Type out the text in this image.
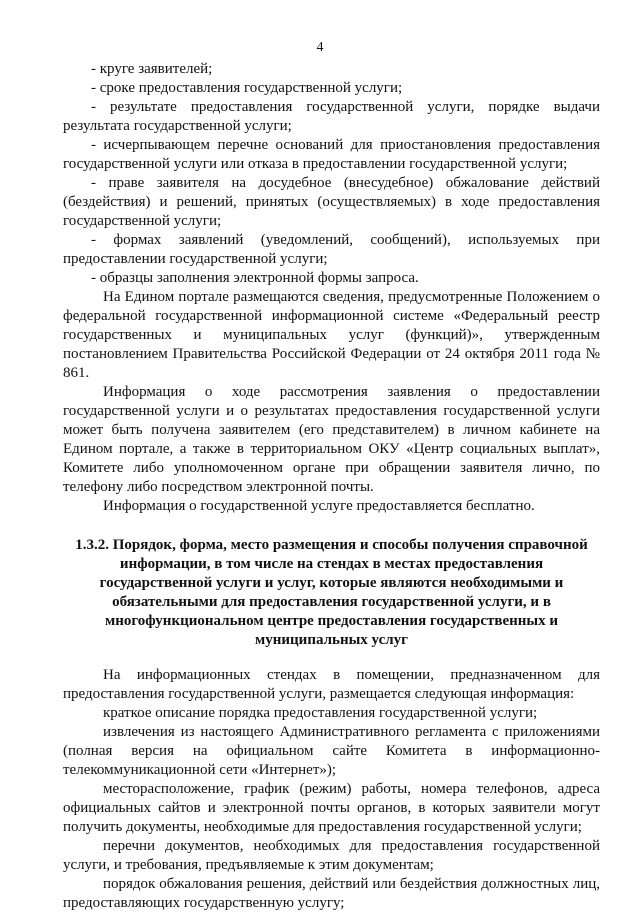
4

- круге заявителей;

- сроке предоставления государственной услуги;

- результате предоставления государственной услуги, порядке выдачи результата государственной услуги;

- исчерпывающем перечне оснований для приостановления предоставления государственной услуги или отказа в предоставлении государственной услуги;

- праве заявителя на досудебное (внесудебное) обжалование действий (бездействия) и решений, принятых (осуществляемых) в ходе предоставления государственной услуги;

- формах заявлений (уведомлений, сообщений), используемых при предоставлении государственной услуги;

- образцы заполнения электронной формы запроса.

На Едином портале размещаются сведения, предусмотренные Положением о федеральной государственной информационной системе «Федеральный реестр государственных и муниципальных услуг (функций)», утвержденным постановлением Правительства Российской Федерации от 24 октября 2011 года № 861.

Информация о ходе рассмотрения заявления о предоставлении государственной услуги и о результатах предоставления государственной услуги может быть получена заявителем (его представителем) в личном кабинете на Едином портале, а также в территориальном ОКУ «Центр социальных выплат», Комитете либо уполномоченном органе при обращении заявителя лично, по телефону либо посредством электронной почты.

Информация о государственной услуге предоставляется бесплатно.

1.3.2. Порядок, форма, место размещения и способы получения справочной информации, в том числе на стендах в местах предоставления государственной услуги и услуг, которые являются необходимыми и обязательными для предоставления государственной услуги, и в многофункциональном центре предоставления государственных и муниципальных услуг

На информационных стендах в помещении, предназначенном для предоставления государственной услуги, размещается следующая информация:

краткое описание порядка предоставления государственной услуги;

извлечения из настоящего Административного регламента с приложениями (полная версия на официальном сайте Комитета в информационно-телекоммуникационной сети «Интернет»);

месторасположение, график (режим) работы, номера телефонов, адреса официальных сайтов и электронной почты органов, в которых заявители могут получить документы, необходимые для предоставления государственной услуги;

перечни документов, необходимых для предоставления государственной услуги, и требования, предъявляемые к этим документам;

порядок обжалования решения, действий или бездействия должностных лиц, предоставляющих государственную услугу;
